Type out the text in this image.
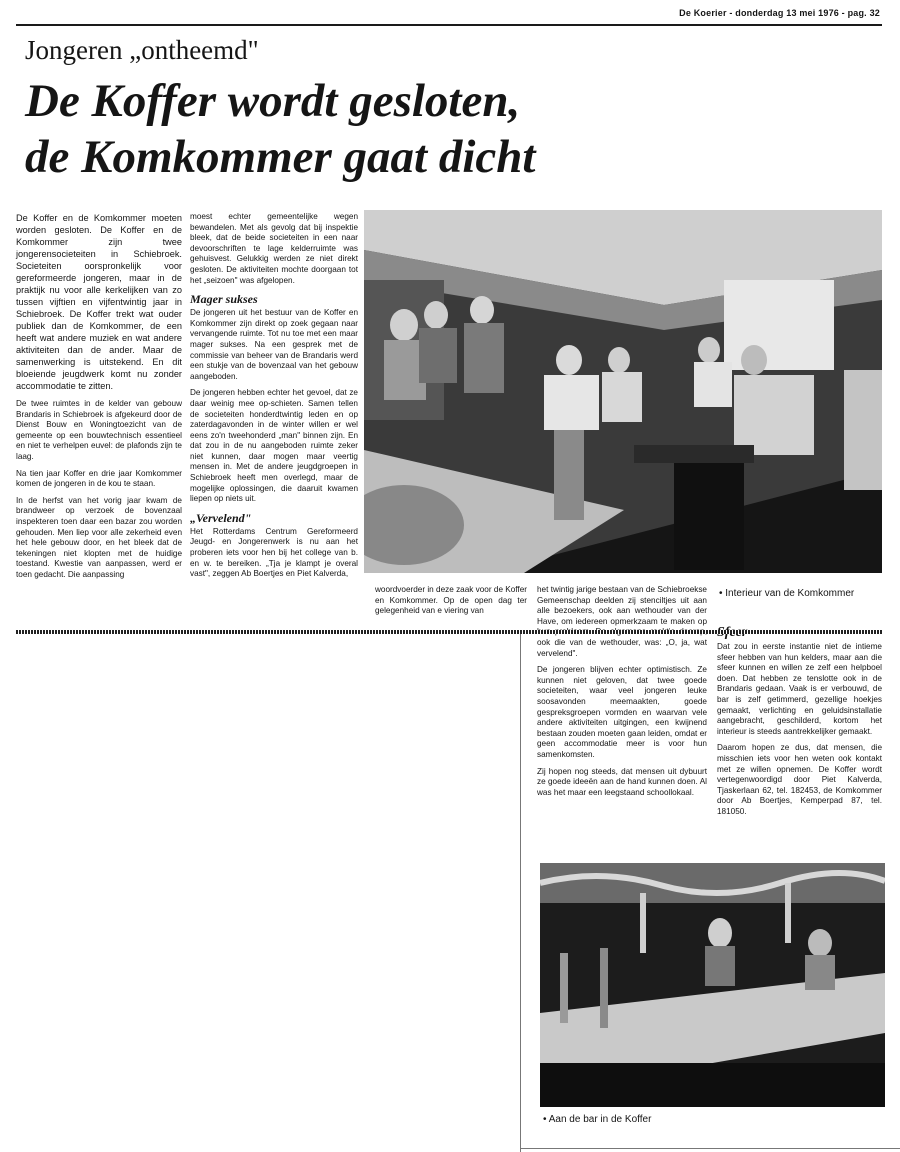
De Koerier - donderdag 13 mei 1976 - pag. 32
Jongeren „ontheemd"
De Koffer wordt gesloten,
de Komkommer gaat dicht

De Koffer en de Komkommer moeten worden gesloten. De Koffer en de Komkommer zijn twee jongerensocieteiten in Schiebroek. Societeiten oorspronkelijk voor gereformeerde jongeren, maar in de praktijk nu voor alle kerkelijken van zo tussen vijftien en vijfentwintig jaar in Schiebroek. De Koffer trekt wat ouder publiek dan de Komkommer, de een heeft wat andere muziek en wat andere aktiviteiten dan de ander. Maar de samenwerking is uitstekend. En dit bloeiende jeugdwerk komt nu zonder accommodatie te zitten.

De twee ruimtes in de kelder van gebouw Brandaris in Schiebroek is afgekeurd door de Dienst Bouw en Woningtoezicht van de gemeente op een bouwtechnisch essentieel en niet te verhelpen euvel: de plafonds zijn te laag.

Na tien jaar Koffer en drie jaar Komkommer komen de jongeren in de kou te staan.

In de herfst van het vorig jaar kwam de brandweer op verzoek de bovenzaal inspekteren toen daar een bazar zou worden gehouden. Men liep voor alle zekerheid even het hele gebouw door, en het bleek dat de tekeningen niet klopten met de huidige toestand. Kwestie van aanpassen, werd er toen gedacht. Die aanpassing

moest echter gemeentelijke wegen bewandelen. Met als gevolg dat bij inspektie bleek, dat de beide societeiten in een naar devoorschriften te lage kelderruimte was gehuisvest. Gelukkig werden ze niet direkt gesloten. De aktiviteiten mochte doorgaan tot het „seizoen" was afgelopen.

Mager sukses

De jongeren uit het bestuur van de Koffer en Komkommer zijn direkt op zoek gegaan naar vervangende ruimte. Tot nu toe met een maar mager sukses. Na een gesprek met de commissie van beheer van de Brandaris werd een stukje van de bovenzaal van het gebouw aangeboden.

De jongeren hebben echter het gevoel, dat ze daar weinig mee op-schieten. Samen tellen de societeiten honderdtwintig leden en op zaterdagavonden in de winter willen er wel eens zo'n tweehonderd „man" binnen zijn. En dat zou in de nu aangeboden ruimte zeker niet kunnen, daar mogen maar veertig mensen in. Met de andere jeugdgroepen in Schiebroek heeft men overlegd, maar de mogelijke oplossingen, die daaruit kwamen liepen op niets uit.

„Vervelend"

Het Rotterdams Centrum Gereformeerd Jeugd- en Jongerenwerk is nu aan het proberen iets voor hen bij het college van b. en w. te bereiken. „Tja je klampt je overal vast", zeggen Ab Boertjes en Piet Kalverda,

• Interieur van de Komkommer

woordvoerder in deze zaak voor de Koffer en Komkommer. Op de open dag ter gelegenheid van e viering van

het twintig jarige bestaan van de Schiebroekse Gemeenschap deelden zij stenciltjes uit aan alle bezoekers, ook aan wethouder van der Have, om iedereen opmerkzaam te maken op ook die van de wethouder, was: „O, ja, wat vervelend".

De jongeren blijven echter optimistisch. Ze kunnen niet geloven, dat twee goede societeiten, waar veel jongeren leuke soosavonden meemaakten, goede gespreksgroepen vormden en waarvan vele andere aktiviteiten uitgingen, een kwijnend bestaan zouden moeten gaan leiden, omdat er geen accommodatie meer is voor hun samenkomsten.

Zij hopen nog steeds, dat mensen uit dybuurt ze goede ideeën aan de hand kunnen doen. Al was het maar een leegstaand schoollokaal.

Dat zou in eerste instantie niet de intieme sfeer hebben van hun kelders, maar aan die sfeer kunnen en willen ze zelf een helpboel doen. Dat hebben ze tenslotte ook in de Brandaris gedaan. Vaak is er verbouwd, de bar is zelf getimmerd, gezellige hoekjes gemaakt, verlichting en geluidsinstallatie aangebracht, geschilderd, kortom het interieur is steeds aantrekkelijker gemaakt.

Daarom hopen ze dus, dat mensen, die misschien iets voor hen weten ook kontakt met ze willen opnemen. De Koffer wordt vertegenwoordigd door Piet Kalverda, Tjaskerlaan 62, tel. 182453, de Komkommer door Ab Boertjes, Kemperpad 87, tel. 181050.

• Aan de bar in de Koffer
